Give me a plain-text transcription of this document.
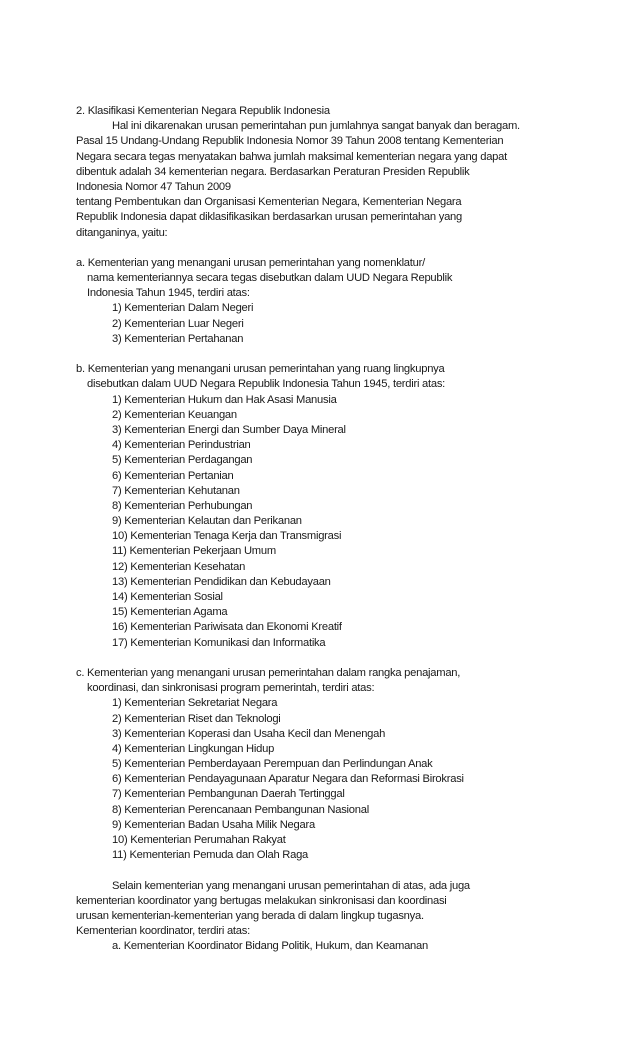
2. Klasifikasi Kementerian Negara Republik Indonesia
Hal ini dikarenakan urusan pemerintahan pun jumlahnya sangat banyak dan beragam.
Pasal 15 Undang-Undang Republik Indonesia Nomor 39 Tahun 2008 tentang Kementerian
Negara secara tegas menyatakan bahwa jumlah maksimal kementerian negara yang dapat
dibentuk adalah 34 kementerian negara. Berdasarkan Peraturan Presiden Republik
Indonesia Nomor 47 Tahun 2009
tentang Pembentukan dan Organisasi Kementerian Negara, Kementerian Negara
Republik Indonesia dapat diklasifikasikan berdasarkan urusan pemerintahan yang
ditanganinya, yaitu:
a. Kementerian yang menangani urusan pemerintahan yang nomenklatur/
nama kementeriannya secara tegas disebutkan dalam UUD Negara Republik
Indonesia Tahun 1945, terdiri atas:
1) Kementerian Dalam Negeri
2) Kementerian Luar Negeri
3) Kementerian Pertahanan
b. Kementerian yang menangani urusan pemerintahan yang ruang lingkupnya
disebutkan dalam UUD Negara Republik Indonesia Tahun 1945, terdiri atas:
1) Kementerian Hukum dan Hak Asasi Manusia
2) Kementerian Keuangan
3) Kementerian Energi dan Sumber Daya Mineral
4) Kementerian Perindustrian
5) Kementerian Perdagangan
6) Kementerian Pertanian
7) Kementerian Kehutanan
8) Kementerian Perhubungan
9) Kementerian Kelautan dan Perikanan
10) Kementerian Tenaga Kerja dan Transmigrasi
11) Kementerian Pekerjaan Umum
12) Kementerian Kesehatan
13) Kementerian Pendidikan dan Kebudayaan
14) Kementerian Sosial
15) Kementerian Agama
16) Kementerian Pariwisata dan Ekonomi Kreatif
17) Kementerian Komunikasi dan Informatika
c. Kementerian yang menangani urusan pemerintahan dalam rangka penajaman,
koordinasi, dan sinkronisasi program pemerintah, terdiri atas:
1) Kementerian Sekretariat Negara
2) Kementerian Riset dan Teknologi
3) Kementerian Koperasi dan Usaha Kecil dan Menengah
4) Kementerian Lingkungan Hidup
5) Kementerian Pemberdayaan Perempuan dan Perlindungan Anak
6) Kementerian Pendayagunaan Aparatur Negara dan Reformasi Birokrasi
7) Kementerian Pembangunan Daerah Tertinggal
8) Kementerian Perencanaan Pembangunan Nasional
9) Kementerian Badan Usaha Milik Negara
10) Kementerian Perumahan Rakyat
11) Kementerian Pemuda dan Olah Raga
Selain kementerian yang menangani urusan pemerintahan di atas, ada juga
kementerian koordinator yang bertugas melakukan sinkronisasi dan koordinasi
urusan kementerian-kementerian yang berada di dalam lingkup tugasnya.
Kementerian koordinator, terdiri atas:
a. Kementerian Koordinator Bidang Politik, Hukum, dan Keamanan
